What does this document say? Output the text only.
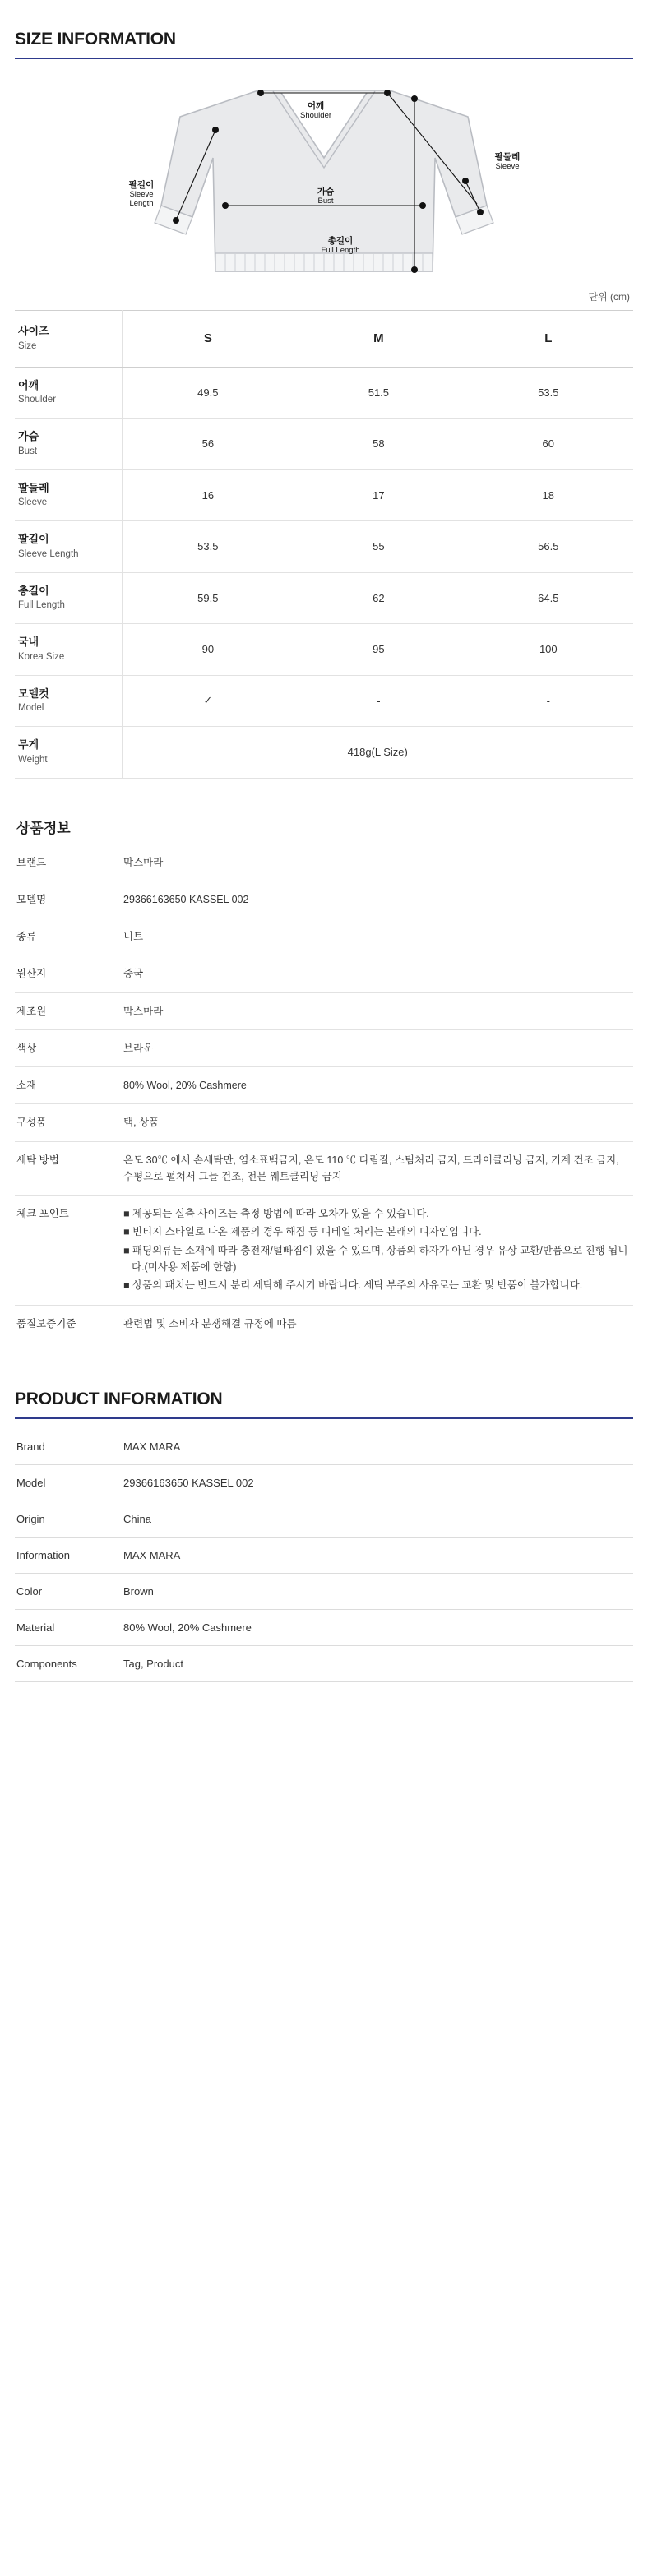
SIZE INFORMATION
어깨
Shoulder
팔둘레
Sleeve
가슴
Bust
팔길이
Sleeve
Length
총길이
Full Length
단위 (cm)
사이즈
Size	S	M	L

어깨
Shoulder	49.5	51.5	53.5

가슴
Bust	56	58	60

팔둘레
Sleeve	16	17	18

팔길이
Sleeve Length	53.5	55	56.5

총길이
Full Length	59.5	62	64.5

국내
Korea Size	90	95	100

모델컷
Model	✓	-	-

무게
Weight	418g(L Size)		
상품정보
브랜드	막스마라
모델명	29366163650 KASSEL 002
종류	니트
원산지	중국
제조원	막스마라
색상	브라운
소재	80% Wool, 20% Cashmere
구성품	택, 상품
세탁 방법	온도 30℃ 에서 손세탁만, 염소표백금지, 온도 110 ℃ 다림질, 스팀처리 금지, 드라이클리닝 금지, 기계 건조 금지, 수평으로 펼쳐서 그늘 건조, 전문 웨트클리닝 금지
체크 포인트	■ 제공되는 실측 사이즈는 측정 방법에 따라 오차가 있을 수 있습니다.

■ 빈티지 스타일로 나온 제품의 경우 해짐 등 디테일 처리는 본래의 디자인입니다.

■ 패딩의류는 소재에 따라 충전재/털빠짐이 있을 수 있으며, 상품의 하자가 아닌 경우 유상 교환/반품으로 진행 됩니다.(미사용 제품에 한함)

■ 상품의 패치는 반드시 분리 세탁해 주시기 바랍니다. 세탁 부주의 사유로는 교환 및 반품이 불가합니다.

품질보증기준	관련법 및 소비자 분쟁해결 규정에 따름
PRODUCT INFORMATION
Brand	MAX MARA
Model	29366163650 KASSEL 002
Origin	China
Information	MAX MARA
Color	Brown
Material	80% Wool, 20% Cashmere
Components	Tag, Product
